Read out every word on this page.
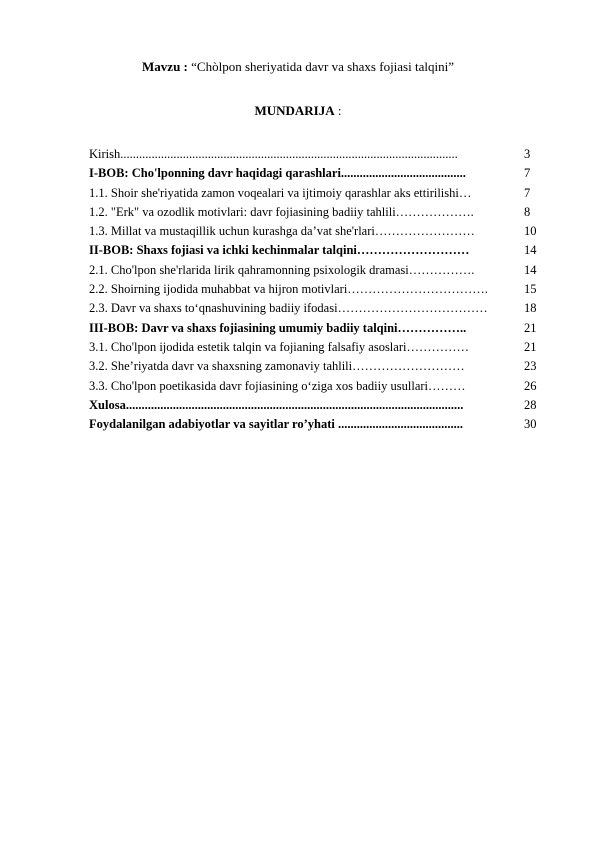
Mavzu : “Chòlpon sheriyatida davr va shaxs fojiasi talqini”
MUNDARIJA :
Kirish............................................................................................................	3
I-BOB: Cho'lponning davr haqidagi qarashlari........................................	7
1.1. Shoir she'riyatida zamon voqealari va ijtimoiy qarashlar aks ettirilishi…	7
1.2. "Erk" va ozodlik motivlari: davr fojiasining badiiy tahlili……………….	8
1.3. Millat va mustaqillik uchun kurashga da’vat she'rlari……………………	10
II-BOB: Shaxs fojiasi va ichki kechinmalar talqini………………………	14
2.1. Cho'lpon she'rlarida lirik qahramonning psixologik dramasi…………….	14
2.2. Shoirning ijodida muhabbat va hijron motivlari…………………………….	15
2.3. Davr va shaxs to‘qnashuvining badiiy ifodasi………………………………	18
III-BOB: Davr va shaxs fojiasining umumiy badiiy talqini……………..	21
3.1. Cho'lpon ijodida estetik talqin va fojianing falsafiy asoslari……………	21
3.2. She’riyatda davr va shaxsning zamonaviy tahlili………………………	23
3.3. Cho'lpon poetikasida davr fojiasining o‘ziga xos badiiy usullari………	26
Xulosa............................................................................................................	28
Foydalanilgan adabiyotlar va sayitlar ro’yhati ........................................	30
